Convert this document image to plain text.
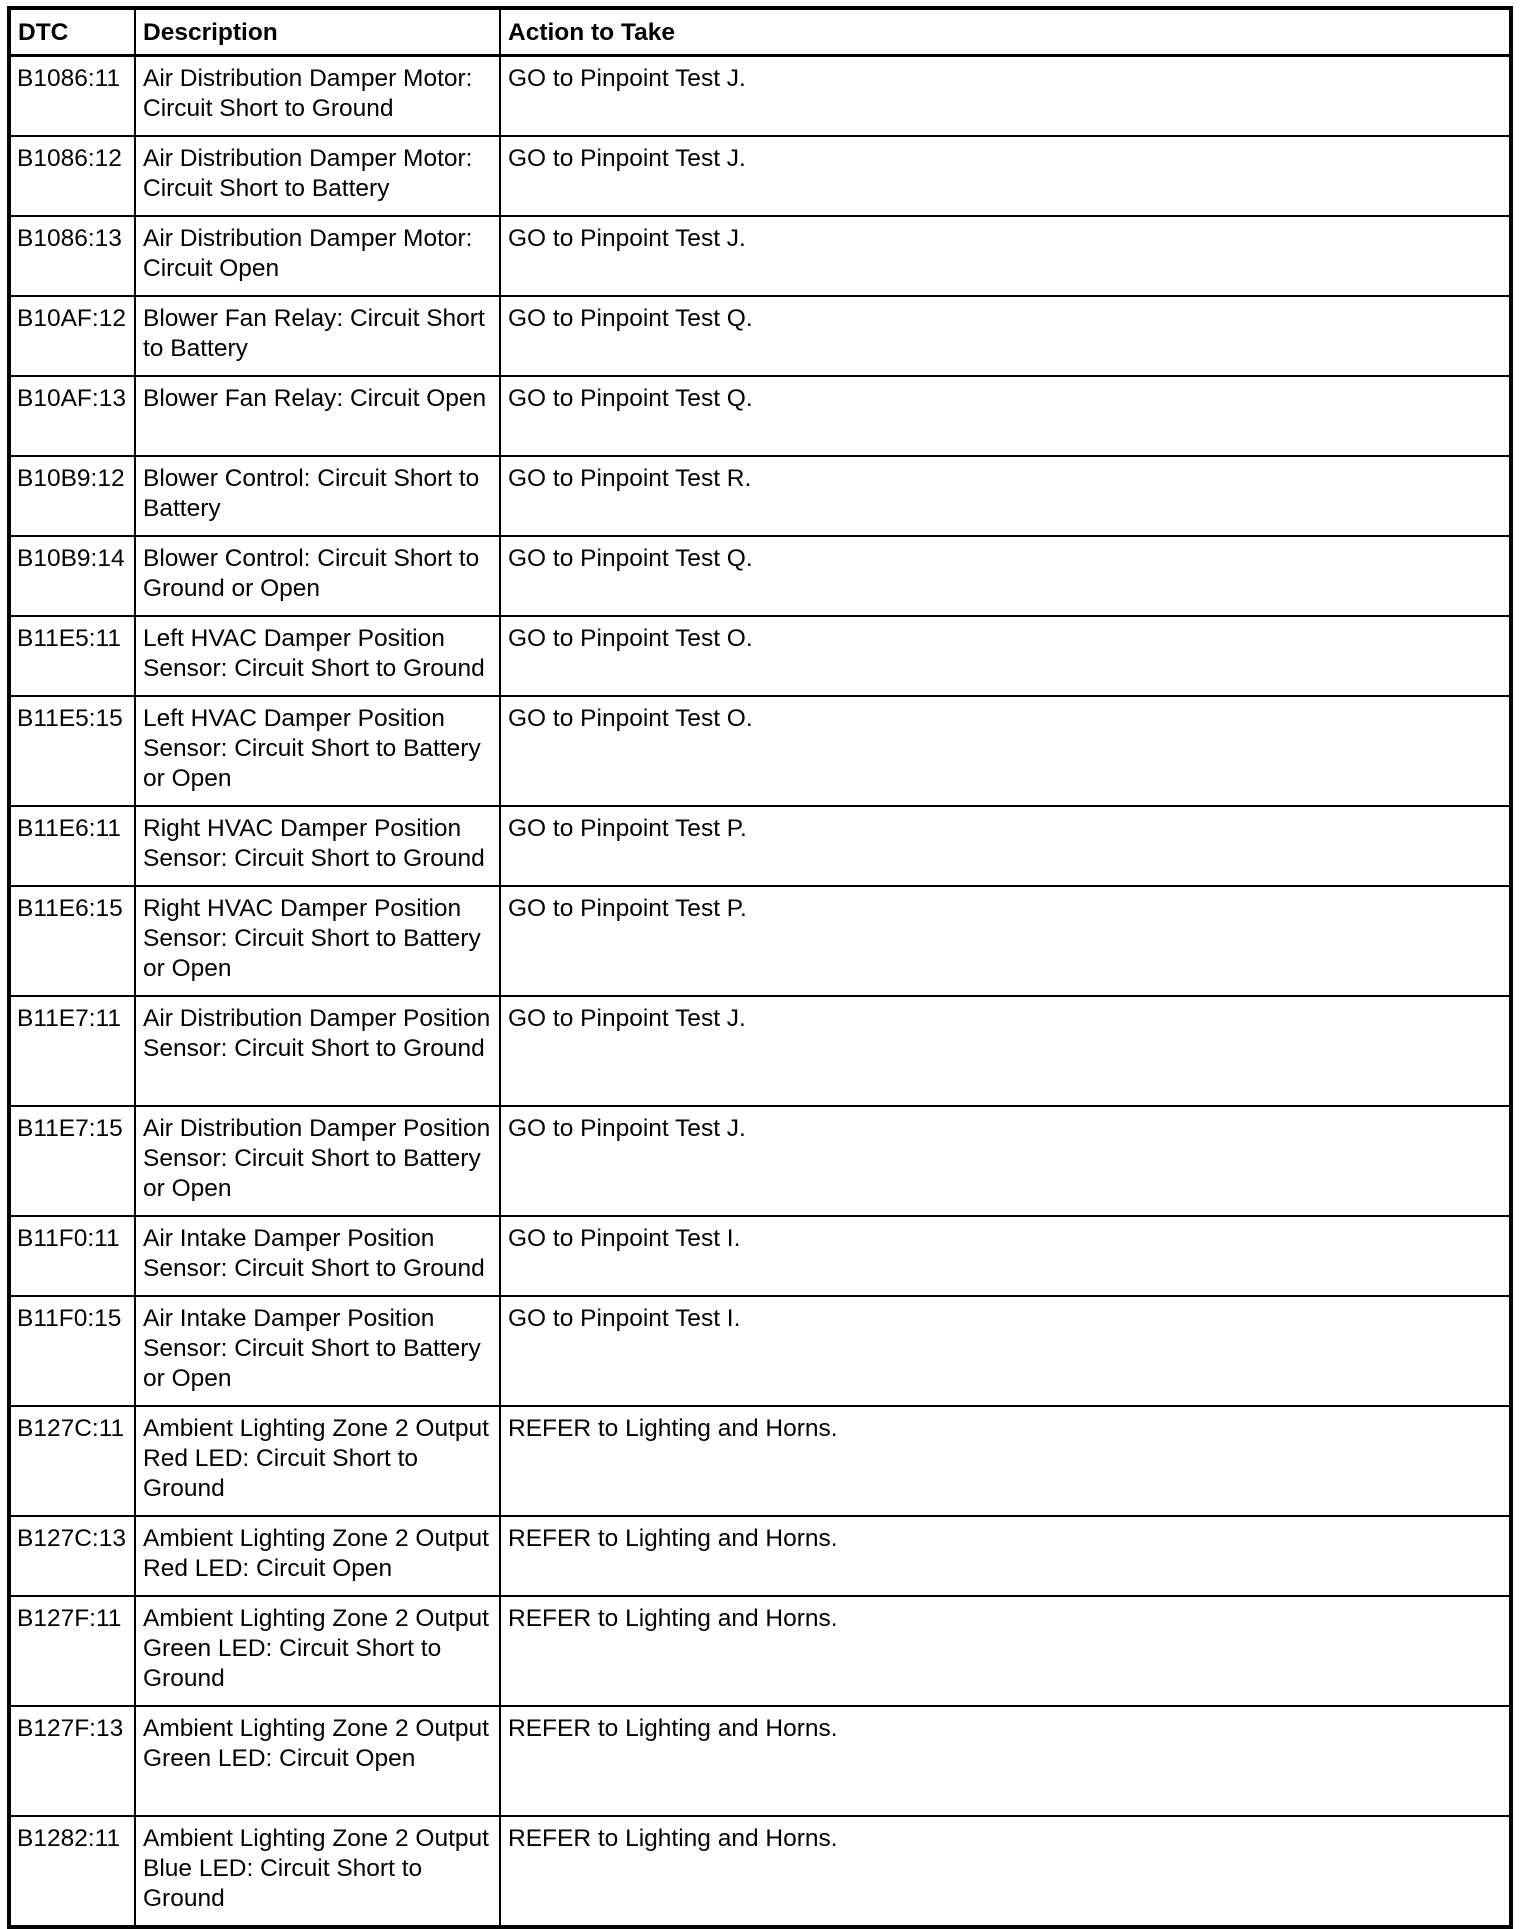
DTC	Description	Action to Take
B1086:11	Air Distribution Damper Motor: Circuit Short to Ground	GO to Pinpoint Test J.
B1086:12	Air Distribution Damper Motor: Circuit Short to Battery	GO to Pinpoint Test J.
B1086:13	Air Distribution Damper Motor: Circuit Open	GO to Pinpoint Test J.
B10AF:12	Blower Fan Relay: Circuit Short to Battery	GO to Pinpoint Test Q.
B10AF:13	Blower Fan Relay: Circuit Open	GO to Pinpoint Test Q.
B10B9:12	Blower Control: Circuit Short to Battery	GO to Pinpoint Test R.
B10B9:14	Blower Control: Circuit Short to Ground or Open	GO to Pinpoint Test Q.
B11E5:11	Left HVAC Damper Position Sensor: Circuit Short to Ground	GO to Pinpoint Test O.
B11E5:15	Left HVAC Damper Position Sensor: Circuit Short to Battery or Open	GO to Pinpoint Test O.
B11E6:11	Right HVAC Damper Position Sensor: Circuit Short to Ground	GO to Pinpoint Test P.
B11E6:15	Right HVAC Damper Position Sensor: Circuit Short to Battery or Open	GO to Pinpoint Test P.
B11E7:11	Air Distribution Damper Position Sensor: Circuit Short to Ground	GO to Pinpoint Test J.
B11E7:15	Air Distribution Damper Position Sensor: Circuit Short to Battery or Open	GO to Pinpoint Test J.
B11F0:11	Air Intake Damper Position Sensor: Circuit Short to Ground	GO to Pinpoint Test I.
B11F0:15	Air Intake Damper Position Sensor: Circuit Short to Battery or Open	GO to Pinpoint Test I.
B127C:11	Ambient Lighting Zone 2 Output Red LED: Circuit Short to Ground	REFER to Lighting and Horns.
B127C:13	Ambient Lighting Zone 2 Output Red LED: Circuit Open	REFER to Lighting and Horns.
B127F:11	Ambient Lighting Zone 2 Output Green LED: Circuit Short to Ground	REFER to Lighting and Horns.
B127F:13	Ambient Lighting Zone 2 Output Green LED: Circuit Open	REFER to Lighting and Horns.
B1282:11	Ambient Lighting Zone 2 Output Blue LED: Circuit Short to Ground	REFER to Lighting and Horns.
